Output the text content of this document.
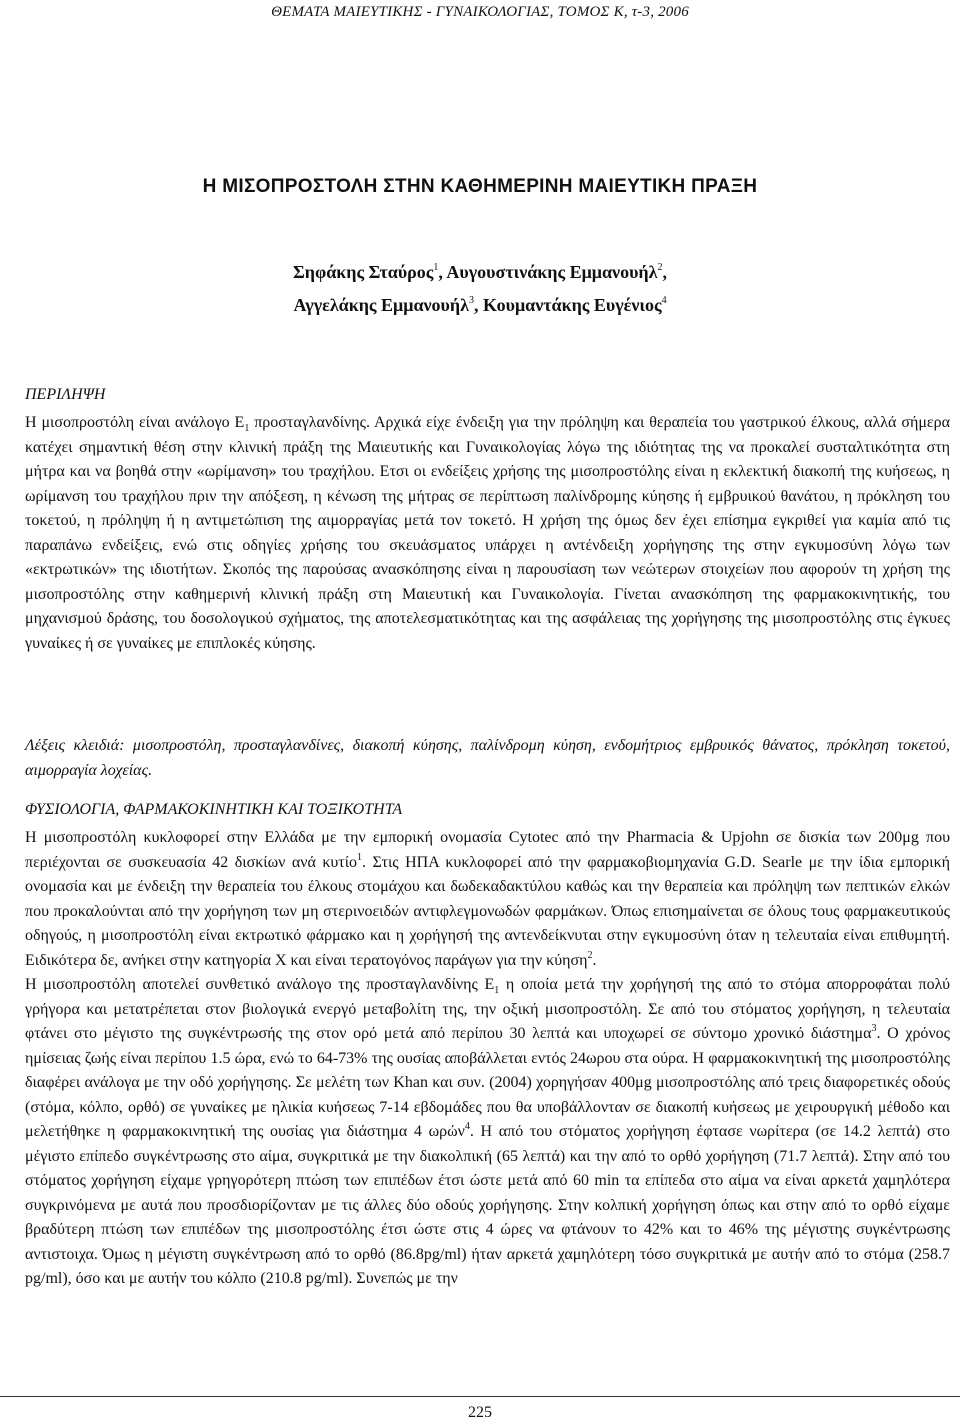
ΘΕΜΑΤΑ ΜΑΙΕΥΤΙΚΗΣ - ΓΥΝΑΙΚΟΛΟΓΙΑΣ, ΤΟΜΟΣ Κ, τ-3, 2006
Η ΜΙΣΟΠΡΟΣΤΟΛΗ ΣΤΗΝ ΚΑΘΗΜΕΡΙΝΗ ΜΑΙΕΥΤΙΚΗ ΠΡΑΞΗ
Σηφάκης Σταύρος$^1$, Αυγουστινάκης Εμμανουήλ$^2$,
Αγγελάκης Εμμανουήλ$^3$, Κουμαντάκης Ευγένιος$^4$
ΠΕΡΙΛΗΨΗ

Η μισοπροστόλη είναι ανάλογο $E_1$ προσταγλανδίνης. Αρχικά είχε ένδειξη για την πρόληψη και θεραπεία του γαστρικού έλκους, αλλά σήμερα κατέχει σημαντική θέση στην κλινική πράξη της Μαιευτικής και Γυναικολογίας λόγω της ιδιότητας της να προκαλεί συσταλτικότητα στη μήτρα και να βοηθά στην «ωρίμανση» του τραχήλου. Ετσι οι ενδείξεις χρήσης της μισοπροστόλης είναι η εκλεκτική διακοπή της κυήσεως, η ωρίμανση του τραχήλου πριν την απόξεση, η κένωση της μήτρας σε περίπτωση παλίνδρομης κύησης ή εμβρυικού θανάτου, η πρόκληση του τοκετού, η πρόληψη ή η αντιμετώπιση της αιμορραγίας μετά τον τοκετό. Η χρήση της όμως δεν έχει επίσημα εγκριθεί για καμία από τις παραπάνω ενδείξεις, ενώ στις οδηγίες χρήσης του σκευάσματος υπάρχει η αντένδειξη χορήγησης της στην εγκυμοσύνη λόγω των «εκτρωτικών» της ιδιοτήτων. Σκοπός της παρούσας ανασκόπησης είναι η παρουσίαση των νεώτερων στοιχείων που αφορούν τη χρήση της μισοπροστόλης στην καθημερινή κλινική πράξη στη Μαιευτική και Γυναικολογία. Γίνεται ανασκόπηση της φαρμακοκινητικής, του μηχανισμού δράσης, του δοσολογικού σχήματος, της αποτελεσματικότητας και της ασφάλειας της χορήγησης της μισοπροστόλης στις έγκυες γυναίκες ή σε γυναίκες με επιπλοκές κύησης.

Λέξεις κλειδιά: μισοπροστόλη, προσταγλανδίνες, διακοπή κύησης, παλίνδρομη κύηση, ενδομήτριος εμβρυικός θάνατος, πρόκληση τοκετού, αιμορραγία λοχείας.
ΦΥΣΙΟΛΟΓΙΑ, ΦΑΡΜΑΚΟΚΙΝΗΤΙΚΗ ΚΑΙ ΤΟΞΙΚΟΤΗΤΑ

Η μισοπροστόλη κυκλοφορεί στην Ελλάδα με την εμπορική ονομασία Cytotec από την Pharmacia & Upjohn σε δισκία των 200μg που περιέχονται σε συσκευασία 42 δισκίων ανά κυτίο$^1$. Στις ΗΠΑ κυκλοφορεί από την φαρμακοβιομηχανία G.D. Searle με την ίδια εμπορική ονομασία και με ένδειξη την θεραπεία του έλκους στομάχου και δωδεκαδακτύλου καθώς και την θεραπεία και πρόληψη των πεπτικών ελκών που προκαλούνται από την χορήγηση των μη στερινοειδών αντιφλεγμονωδών φαρμάκων. Όπως επισημαίνεται σε όλους τους φαρμακευτικούς οδηγούς, η μισοπροστόλη είναι εκτρωτικό φάρμακο και η χορήγησή της αντενδείκνυται στην εγκυμοσύνη όταν η τελευταία είναι επιθυμητή. Ειδικότερα δε, ανήκει στην κατηγορία Χ και είναι τερατογόνος παράγων για την κύηση$^2$.

Η μισοπροστόλη αποτελεί συνθετικό ανάλογο της προσταγλανδίνης $E_1$ η οποία μετά την χορήγησή της από το στόμα απορροφάται πολύ γρήγορα και μετατρέπεται στον βιολογικά ενεργό μεταβολίτη της, την οξική μισοπροστόλη. Σε από του στόματος χορήγηση, η τελευταία φτάνει στο μέγιστο της συγκέντρωσής της στον ορό μετά από περίπου 30 λεπτά και υποχωρεί σε σύντομο χρονικό διάστημα$^3$. Ο χρόνος ημίσειας ζωής είναι περίπου 1.5 ώρα, ενώ το 64-73% της ουσίας αποβάλλεται εντός 24ωρου στα ούρα. Η φαρμακοκινητική της μισοπροστόλης διαφέρει ανάλογα με την οδό χορήγησης. Σε μελέτη των Khan και συν. (2004) χορηγήσαν 400μg μισοπροστόλης από τρεις διαφορετικές οδούς (στόμα, κόλπο, ορθό) σε γυναίκες με ηλικία κυήσεως 7-14 εβδομάδες που θα υποβάλλονταν σε διακοπή κυήσεως με χειρουργική μέθοδο και μελετήθηκε η φαρμακοκινητική της ουσίας για διάστημα 4 ωρών$^4$. Η από του στόματος χορήγηση έφτασε νωρίτερα (σε 14.2 λεπτά) στο μέγιστο επίπεδο συγκέντρωσης στο αίμα, συγκριτικά με την διακολπική (65 λεπτά) και την από το ορθό χορήγηση (71.7 λεπτά). Στην από του στόματος χορήγηση είχαμε γρηγορότερη πτώση των επιπέδων έτσι ώστε μετά από 60 min τα επίπεδα στο αίμα να είναι αρκετά χαμηλότερα συγκρινόμενα με αυτά που προσδιορίζονταν με τις άλλες δύο οδούς χορήγησης. Στην κολπική χορήγηση όπως και στην από το ορθό είχαμε βραδύτερη πτώση των επιπέδων της μισοπροστόλης έτσι ώστε στις 4 ώρες να φτάνουν το 42% και το 46% της μέγιστης συγκέντρωσης αντιστοιχα. Όμως η μέγιστη συγκέντρωση από το ορθό (86.8pg/ml) ήταν αρκετά χαμηλότερη τόσο συγκριτικά με αυτήν από το στόμα (258.7 pg/ml), όσο και με αυτήν του κόλπο (210.8 pg/ml). Συνεπώς με την

225
